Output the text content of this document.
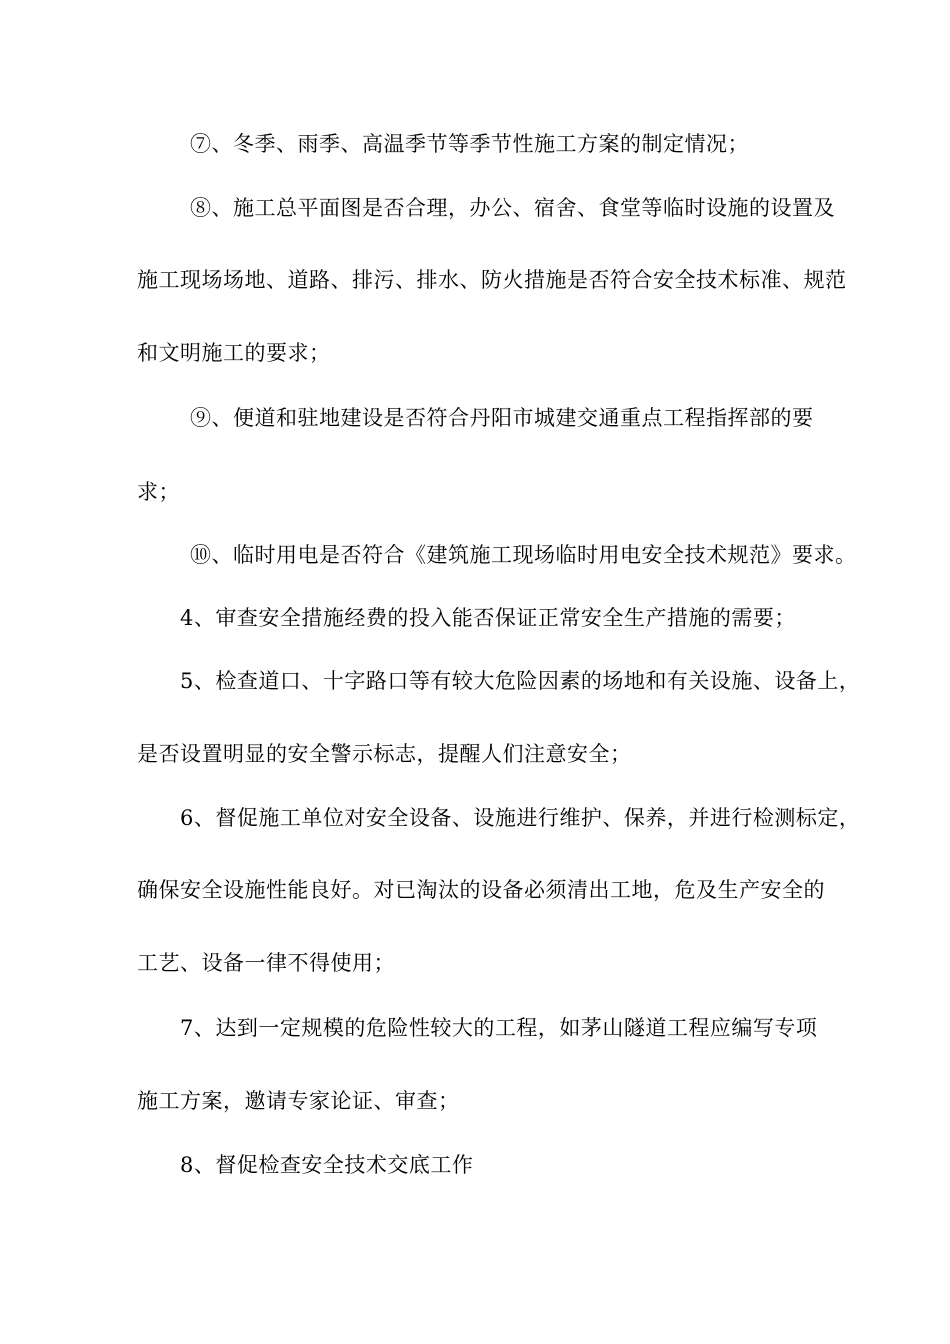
⑦、冬季、雨季、高温季节等季节性施工方案的制定情况；
⑧、施工总平面图是否合理，办公、宿舍、食堂等临时设施的设置及
施工现场场地、道路、排污、排水、防火措施是否符合安全技术标准、规范
和文明施工的要求；
⑨、便道和驻地建设是否符合丹阳市城建交通重点工程指挥部的要
求；
⑩、临时用电是否符合《建筑施工现场临时用电安全技术规范》要求。
4、审查安全措施经费的投入能否保证正常安全生产措施的需要；
5、检查道口、十字路口等有较大危险因素的场地和有关设施、设备上，
是否设置明显的安全警示标志，提醒人们注意安全；
6、督促施工单位对安全设备、设施进行维护、保养，并进行检测标定，
确保安全设施性能良好。对已淘汰的设备必须清出工地，危及生产安全的
工艺、设备一律不得使用；
7、达到一定规模的危险性较大的工程，如茅山隧道工程应编写专项
施工方案，邀请专家论证、审查；
8、督促检查安全技术交底工作
